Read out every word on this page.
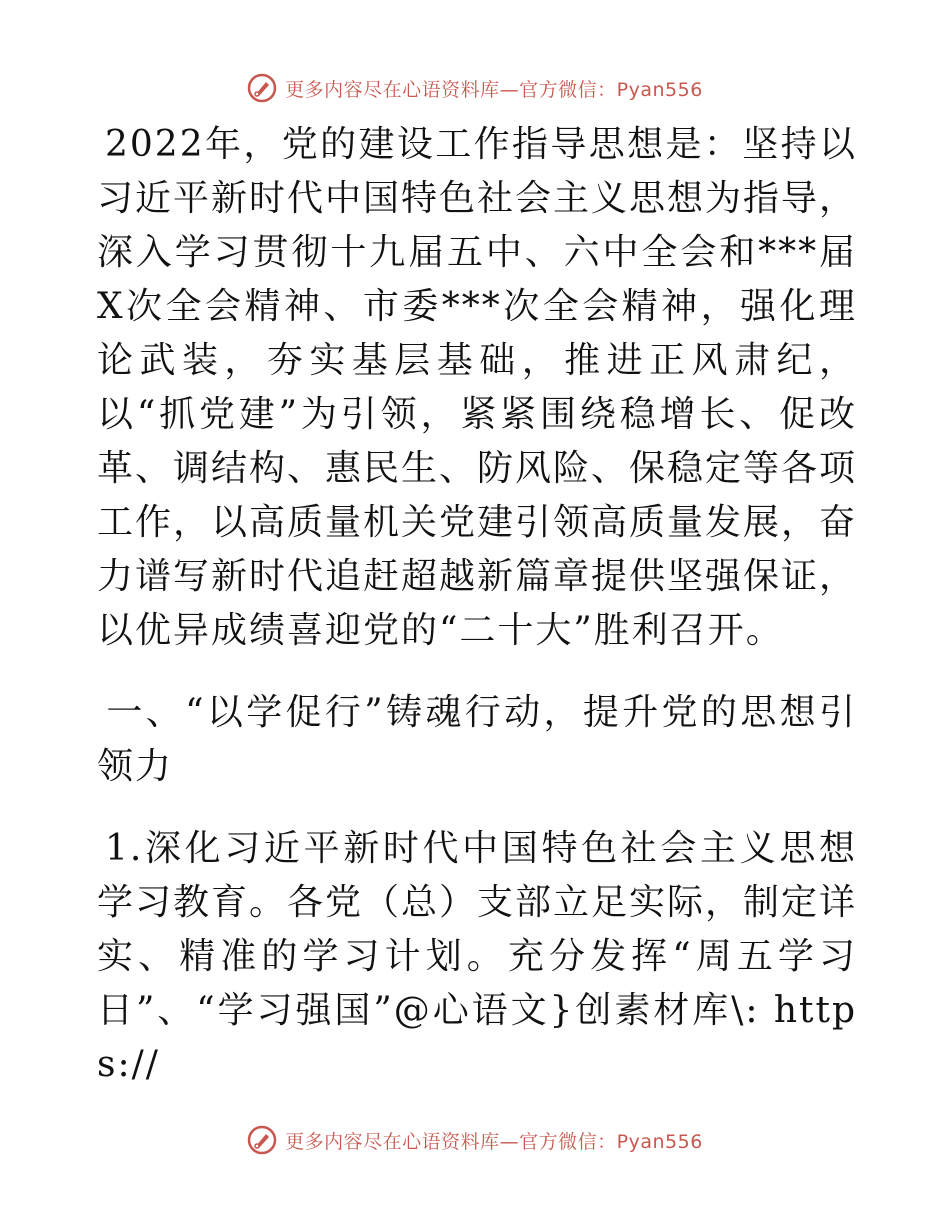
更多内容尽在心语资料库—官方微信：Pyan556

2022年，党的建设工作指导思想是：坚持以习近平新时代中国特色社会主义思想为指导，深入学习贯彻十九届五中、六中全会和***届X次全会精神、市委***次全会精神，强化理论武装，夯实基层基础，推进正风肃纪，以“抓党建”为引领，紧紧围绕稳增长、促改革、调结构、惠民生、防风险、保稳定等各项工作，以高质量机关党建引领高质量发展，奋力谱写新时代追赶超越新篇章提供坚强保证，以优异成绩喜迎党的“二十大”胜利召开。

一、“以学促行”铸魂行动，提升党的思想引领力

1.深化习近平新时代中国特色社会主义思想学习教育。各党（总）支部立足实际，制定详实、精准的学习计划。充分发挥“周五学习日”、“学习强国”@心语文}创素材库\: https://

更多内容尽在心语资料库—官方微信：Pyan556
